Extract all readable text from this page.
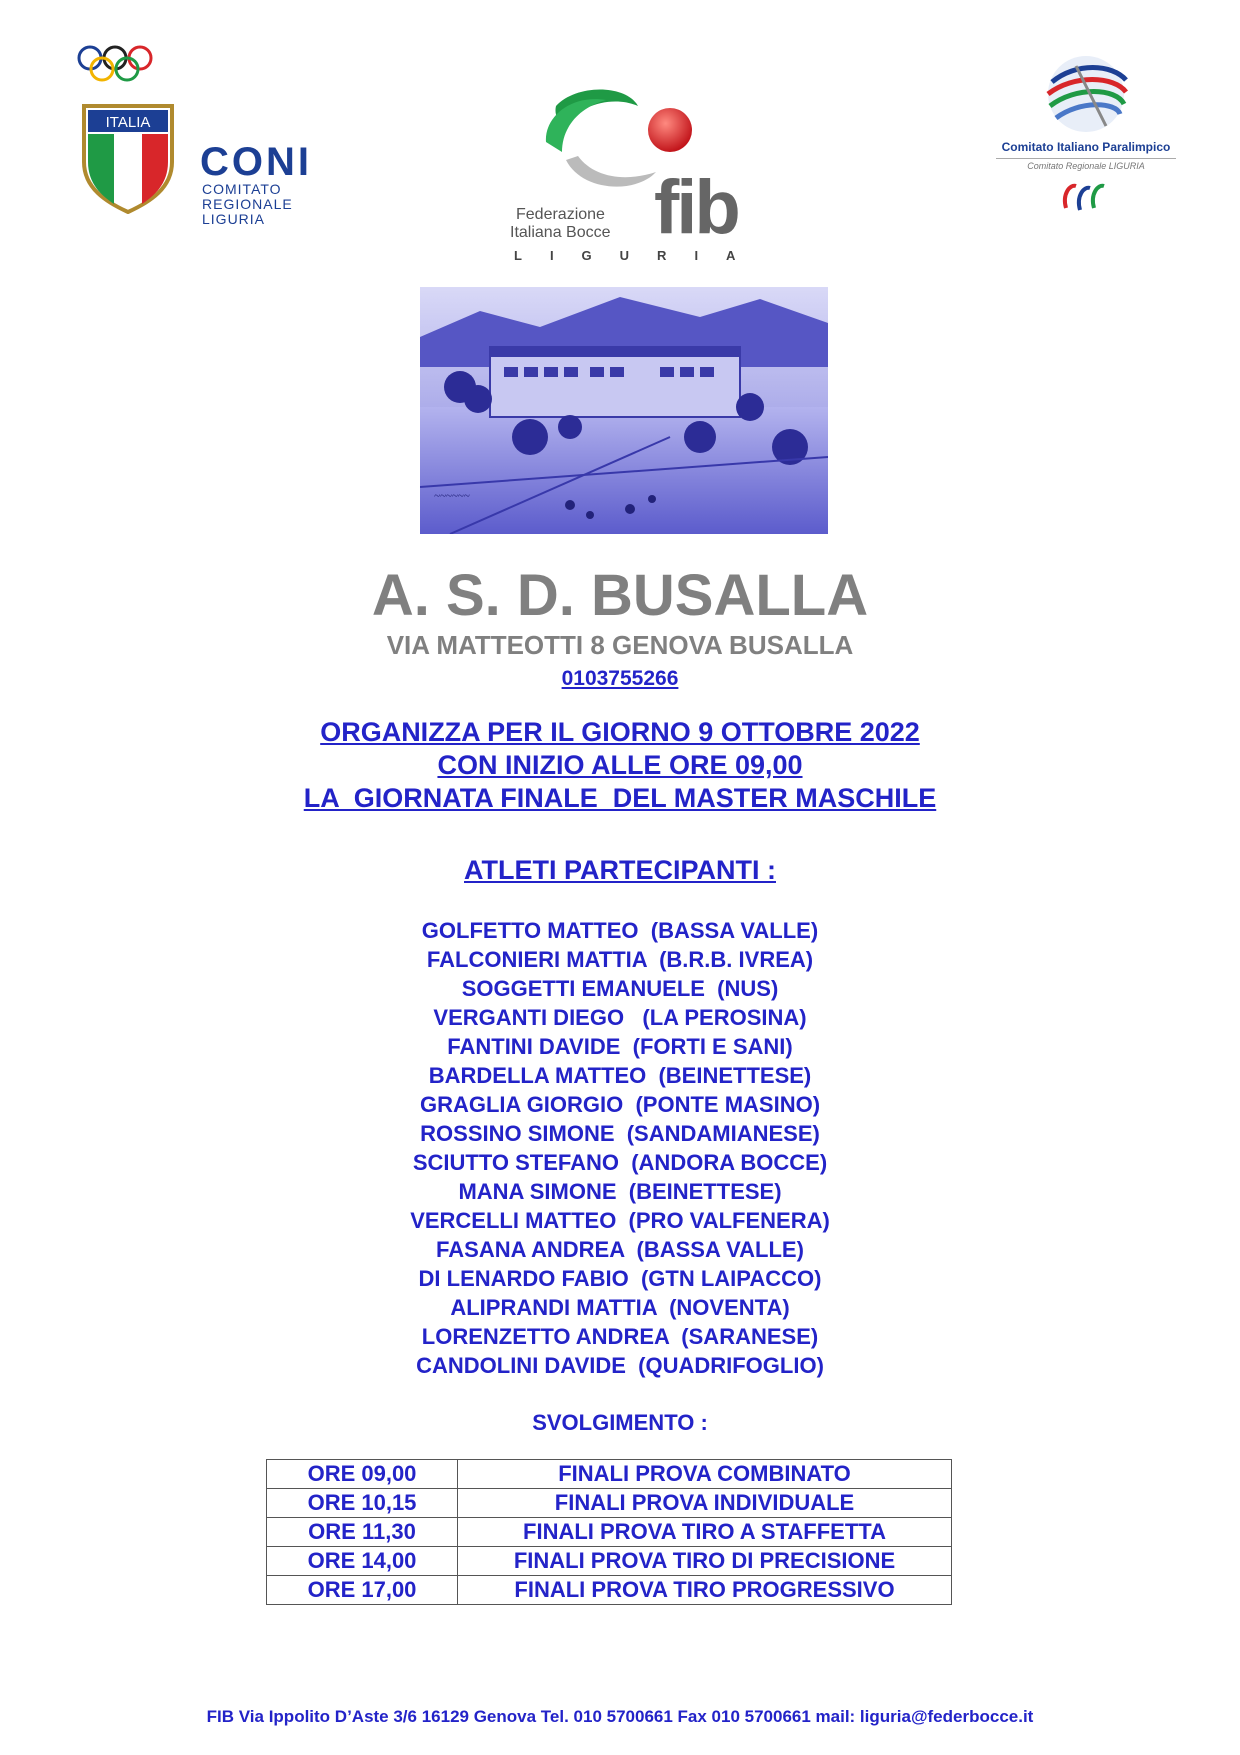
ITALIA
CONI
COMITATO
REGIONALE
LIGURIA	fib
Federazione
Italiana Bocce
LIGURIA
Comitato Italiano Paralimpico
Comitato Regionale LIGURIA
~~~~~~
A. S. D. BUSALLA
VIA MATTEOTTI 8 GENOVA BUSALLA
0103755266
ORGANIZZA PER IL GIORNO 9 OTTOBRE 2022
CON INIZIO ALLE ORE 09,00
LA  GIORNATA FINALE  DEL MASTER MASCHILE
ATLETI PARTECIPANTI :
GOLFETTO MATTEO  (BASSA VALLE)
FALCONIERI MATTIA  (B.R.B. IVREA)
SOGGETTI EMANUELE  (NUS)
VERGANTI DIEGO   (LA PEROSINA)
FANTINI DAVIDE  (FORTI E SANI)
BARDELLA MATTEO  (BEINETTESE)
GRAGLIA GIORGIO  (PONTE MASINO)
ROSSINO SIMONE  (SANDAMIANESE)
SCIUTTO STEFANO  (ANDORA BOCCE)
MANA SIMONE  (BEINETTESE)
VERCELLI MATTEO  (PRO VALFENERA)
FASANA ANDREA  (BASSA VALLE)
DI LENARDO FABIO  (GTN LAIPACCO)
ALIPRANDI MATTIA  (NOVENTA)
LORENZETTO ANDREA  (SARANESE)
CANDOLINI DAVIDE  (QUADRIFOGLIO)
SVOLGIMENTO :
ORE 09,00	FINALI PROVA COMBINATO
ORE 10,15	FINALI PROVA INDIVIDUALE
ORE 11,30	FINALI PROVA TIRO A STAFFETTA
ORE 14,00	FINALI PROVA TIRO DI PRECISIONE
ORE 17,00	FINALI PROVA TIRO PROGRESSIVO
FIB Via Ippolito D’Aste 3/6 16129 Genova Tel. 010 5700661 Fax 010 5700661 mail: liguria@federbocce.it
